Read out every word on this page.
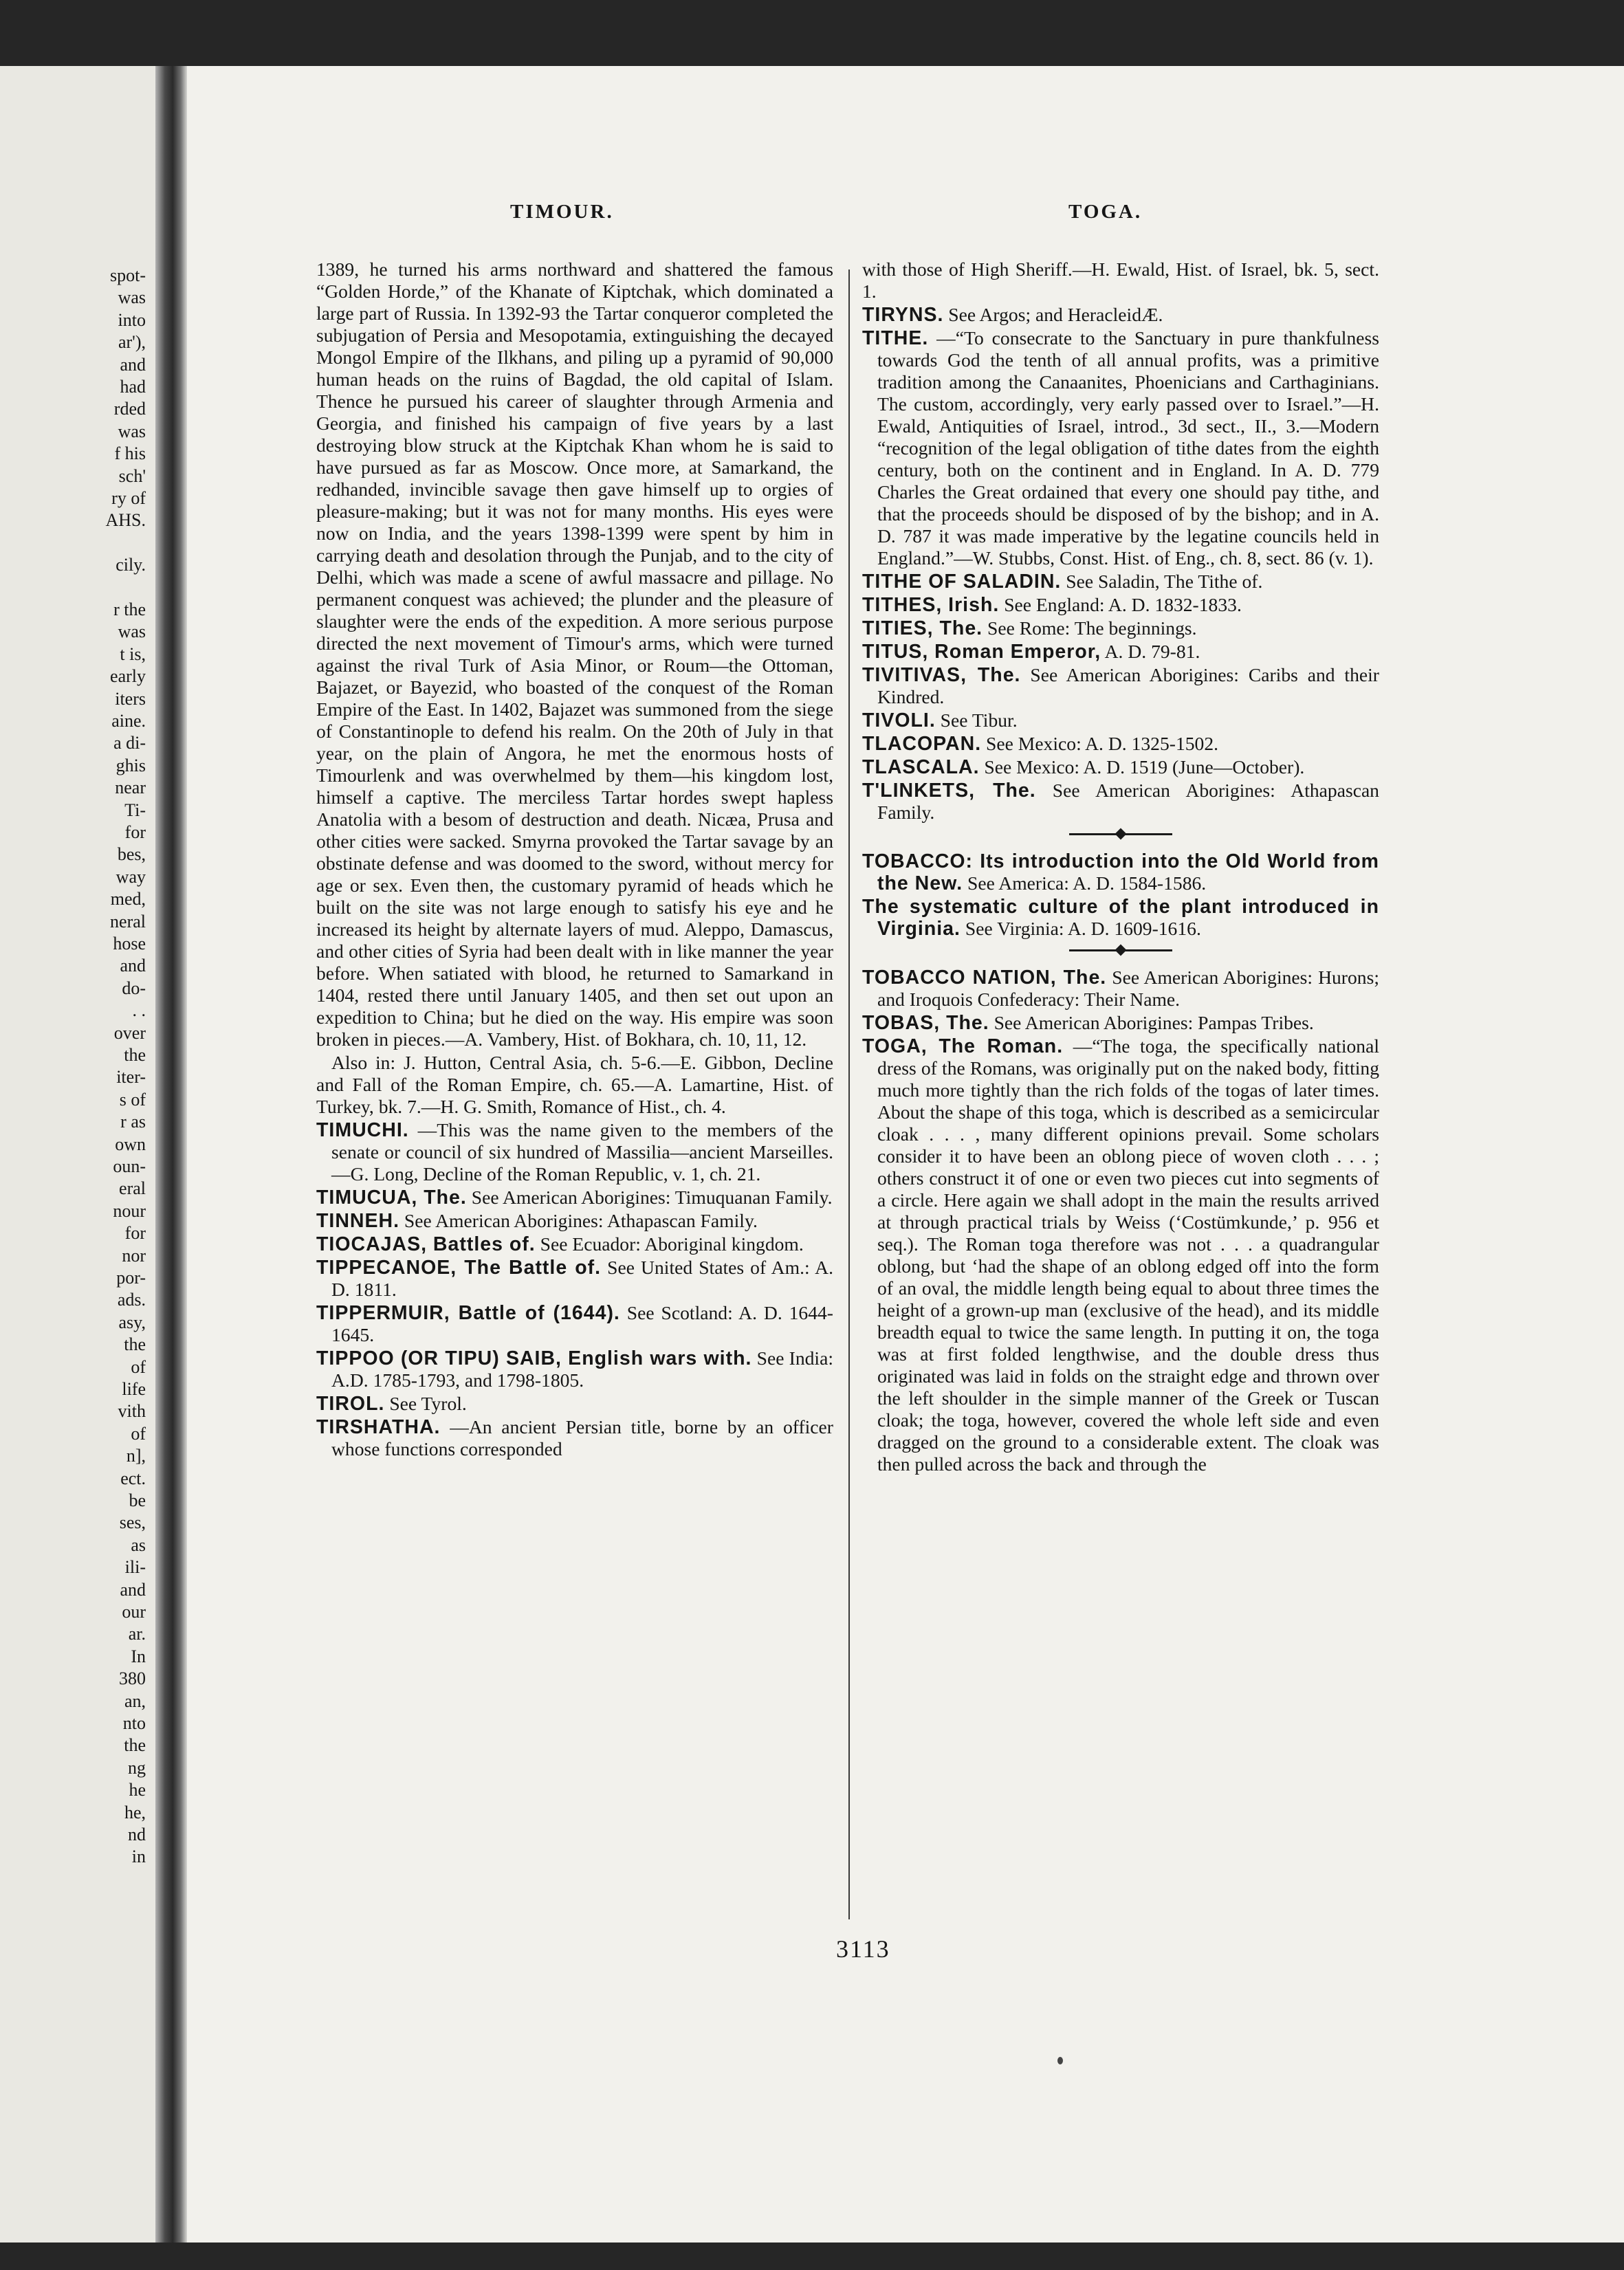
spot-

was

into

ar'),

and

had

rded

was

f his

sch'

ry of

AHS.

cily.

r the

was

t is,

early

iters

aine.

a di-

ghis

near

Ti-

for

bes,

way

med,

neral

hose

and

do-

. .

over

the

iter-

s of

r as

own

oun-

eral

nour

for

nor

por-

ads.

asy,

the

of

life

vith

of

n],

ect.

be

ses,

as

ili-

and

our

ar.

In

380

an,

nto

the

ng

he

he,

nd

in

TIMOUR.	TOGA.

1389, he turned his arms northward and shattered the famous “Golden Horde,” of the Khanate of Kiptchak, which dominated a large part of Russia. In 1392-93 the Tartar conqueror completed the subjugation of Persia and Mesopotamia, extinguishing the decayed Mongol Empire of the Ilkhans, and piling up a pyramid of 90,000 human heads on the ruins of Bagdad, the old capital of Islam. Thence he pursued his career of slaughter through Armenia and Georgia, and finished his campaign of five years by a last destroying blow struck at the Kiptchak Khan whom he is said to have pursued as far as Moscow. Once more, at Samarkand, the redhanded, invincible savage then gave himself up to orgies of pleasure-making; but it was not for many months. His eyes were now on India, and the years 1398-1399 were spent by him in carrying death and desolation through the Punjab, and to the city of Delhi, which was made a scene of awful massacre and pillage. No permanent conquest was achieved; the plunder and the pleasure of slaughter were the ends of the expedition. A more serious purpose directed the next movement of Timour's arms, which were turned against the rival Turk of Asia Minor, or Roum—the Ottoman, Bajazet, or Bayezid, who boasted of the conquest of the Roman Empire of the East. In 1402, Bajazet was summoned from the siege of Constantinople to defend his realm. On the 20th of July in that year, on the plain of Angora, he met the enormous hosts of Timourlenk and was overwhelmed by them—his kingdom lost, himself a captive. The merciless Tartar hordes swept hapless Anatolia with a besom of destruction and death. Nicæa, Prusa and other cities were sacked. Smyrna provoked the Tartar savage by an obstinate defense and was doomed to the sword, without mercy for age or sex. Even then, the customary pyramid of heads which he built on the site was not large enough to satisfy his eye and he increased its height by alternate layers of mud. Aleppo, Damascus, and other cities of Syria had been dealt with in like manner the year before. When satiated with blood, he returned to Samarkand in 1404, rested there until January 1405, and then set out upon an expedition to China; but he died on the way. His empire was soon broken in pieces.—A. Vambery, Hist. of Bokhara, ch. 10, 11, 12.

Also in: J. Hutton, Central Asia, ch. 5-6.—E. Gibbon, Decline and Fall of the Roman Empire, ch. 65.—A. Lamartine, Hist. of Turkey, bk. 7.—H. G. Smith, Romance of Hist., ch. 4.

TIMUCHI. —This was the name given to the members of the senate or council of six hundred of Massilia—ancient Marseilles.—G. Long, Decline of the Roman Republic, v. 1, ch. 21.

TIMUCUA, The. See American Aborigines: Timuquanan Family.

TINNEH. See American Aborigines: Athapascan Family.

TIOCAJAS, Battles of. See Ecuador: Aboriginal kingdom.

TIPPECANOE, The Battle of. See United States of Am.: A. D. 1811.

TIPPERMUIR, Battle of (1644). See Scotland: A. D. 1644-1645.

TIPPOO (OR TIPU) SAIB, English wars with. See India: A.D. 1785-1793, and 1798-1805.

TIROL. See Tyrol.

TIRSHATHA. —An ancient Persian title, borne by an officer whose functions corresponded

with those of High Sheriff.—H. Ewald, Hist. of Israel, bk. 5, sect. 1.

TIRYNS. See Argos; and HeracleidÆ.

TITHE. —“To consecrate to the Sanctuary in pure thankfulness towards God the tenth of all annual profits, was a primitive tradition among the Canaanites, Phoenicians and Carthaginians. The custom, accordingly, very early passed over to Israel.”—H. Ewald, Antiquities of Israel, introd., 3d sect., II., 3.—Modern “recognition of the legal obligation of tithe dates from the eighth century, both on the continent and in England. In A. D. 779 Charles the Great ordained that every one should pay tithe, and that the proceeds should be disposed of by the bishop; and in A. D. 787 it was made imperative by the legatine councils held in England.”—W. Stubbs, Const. Hist. of Eng., ch. 8, sect. 86 (v. 1).

TITHE OF SALADIN. See Saladin, The Tithe of.

TITHES, Irish. See England: A. D. 1832-1833.

TITIES, The. See Rome: The beginnings.

TITUS, Roman Emperor, A. D. 79-81.

TIVITIVAS, The. See American Aborigines: Caribs and their Kindred.

TIVOLI. See Tibur.

TLACOPAN. See Mexico: A. D. 1325-1502.

TLASCALA. See Mexico: A. D. 1519 (June—October).

T'LINKETS, The. See American Aborigines: Athapascan Family.

TOBACCO: Its introduction into the Old World from the New. See America: A. D. 1584-1586.

The systematic culture of the plant introduced in Virginia. See Virginia: A. D. 1609-1616.

TOBACCO NATION, The. See American Aborigines: Hurons; and Iroquois Confederacy: Their Name.

TOBAS, The. See American Aborigines: Pampas Tribes.

TOGA, The Roman. —“The toga, the specifically national dress of the Romans, was originally put on the naked body, fitting much more tightly than the rich folds of the togas of later times. About the shape of this toga, which is described as a semicircular cloak . . . , many different opinions prevail. Some scholars consider it to have been an oblong piece of woven cloth . . . ; others construct it of one or even two pieces cut into segments of a circle. Here again we shall adopt in the main the results arrived at through practical trials by Weiss (‘Costümkunde,’ p. 956 et seq.). The Roman toga therefore was not . . . a quadrangular oblong, but ‘had the shape of an oblong edged off into the form of an oval, the middle length being equal to about three times the height of a grown-up man (exclusive of the head), and its middle breadth equal to twice the same length. In putting it on, the toga was at first folded lengthwise, and the double dress thus originated was laid in folds on the straight edge and thrown over the left shoulder in the simple manner of the Greek or Tuscan cloak; the toga, however, covered the whole left side and even dragged on the ground to a considerable extent. The cloak was then pulled across the back and through the

3113
